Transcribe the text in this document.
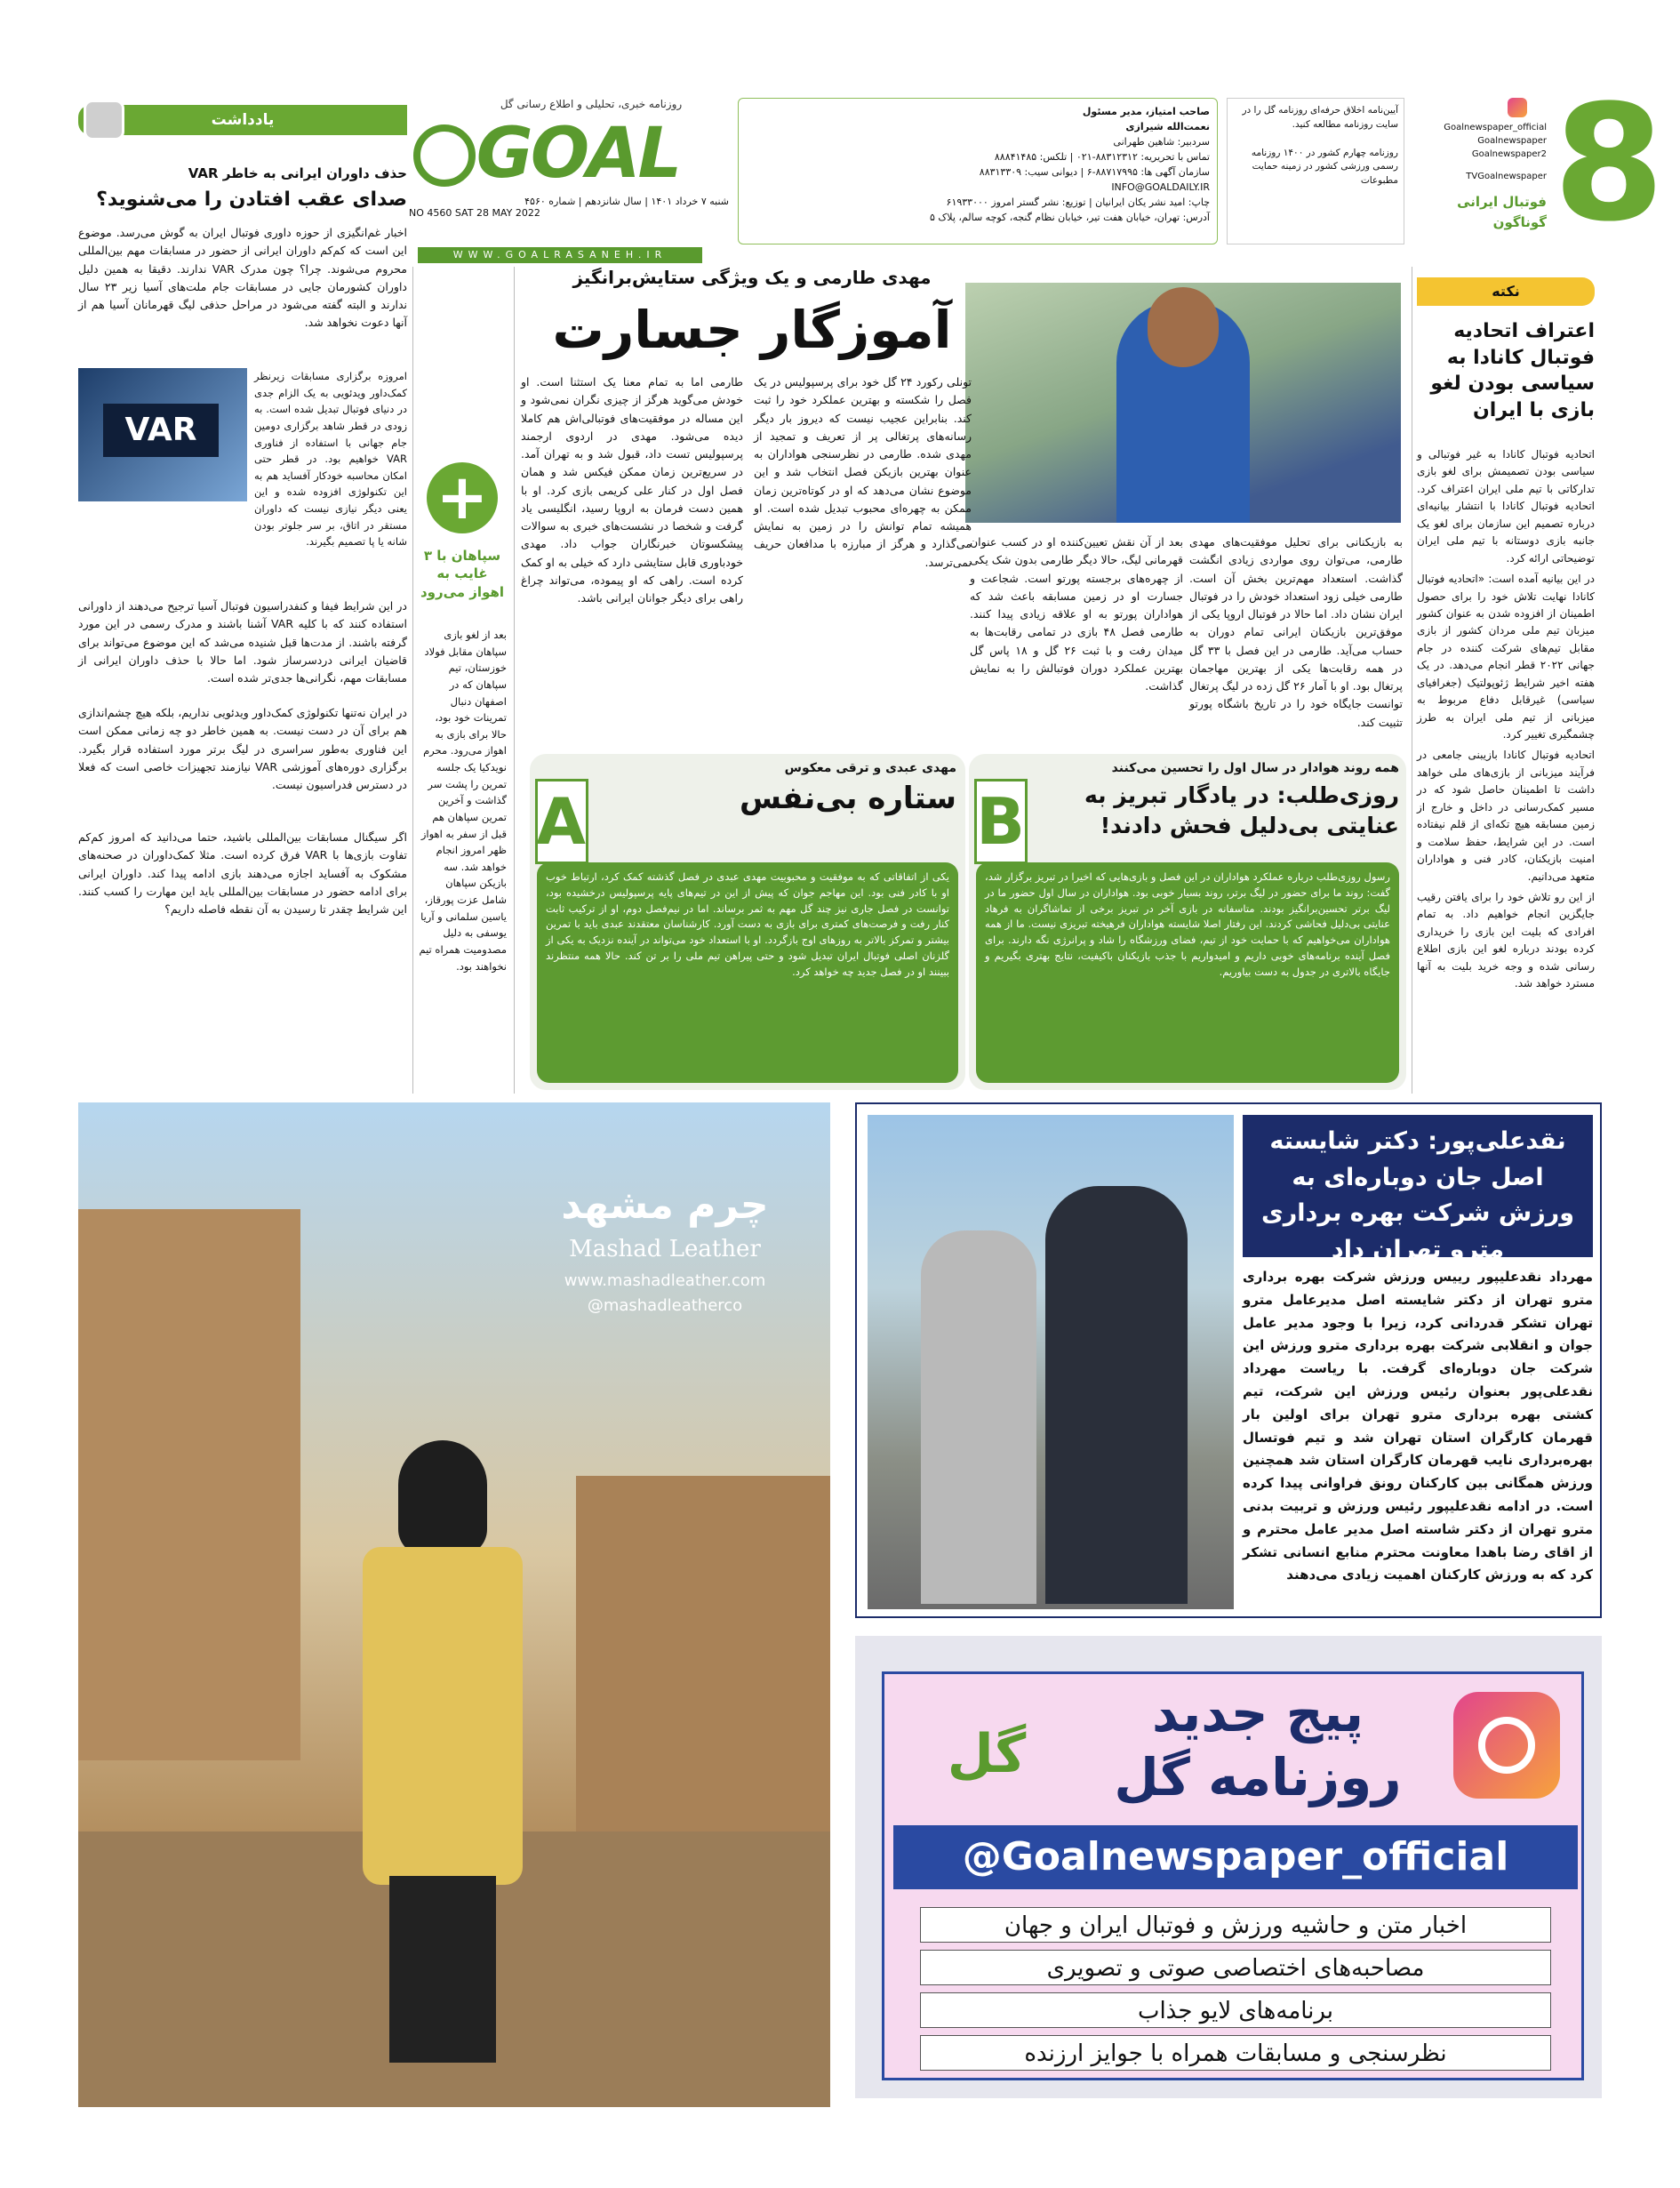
روزنامه خبری، تحلیلی و اطلاع رسانی گل
GOAL
WWW.GOALRASANEH.IR
شنبه ۷ خرداد ۱۴۰۱ | سال شانزدهم | شماره ۴۵۶۰
NO 4560 SAT 28 MAY 2022
صاحب امتیاز، مدیر مسئول
نعمت‌الله شیرازی
سردبیر: شاهین طهرانی
تماس با تحریریه: ۸۸۳۱۲۳۱۲-۰۲۱ | تلکس: ۸۸۸۴۱۴۸۵
سازمان آگهی ها: ۸۸۷۱۷۹۹۵-۶ | دیوانی سیب: ۸۸۳۱۳۳۰۹
INFO@GOALDAILY.IR
چاپ: امید نشر یکان ایرانیان | توزیع: نشر گستر امروز ۶۱۹۳۳۰۰۰
آدرس: تهران، خیابان هفت تیر، خیابان نظام گنجه، کوچه سالم، پلاک ۵
آیین‌نامه اخلاق حرفه‌ای روزنامه گل را در سایت روزنامه مطالعه کنید.
روزنامه چهارم کشور در ۱۴۰۰ روزنامه رسمی ورزشی کشور در زمینه حمایت مطبوعات
Goalnewspaper_official
Goalnewspaper
Goalnewspaper2
TVGoalnewspaper
فوتبال ایرانی
گوناگون 8
یادداشت
حذف داوران ایرانی به خاطر VAR
صدای عقب افتادن را می‌شنوید؟
اخبار غم‌انگیزی از حوزه داوری فوتبال ایران به گوش می‌رسد. موضوع این است که کم‌کم داوران ایرانی از حضور در مسابقات مهم بین‌المللی محروم می‌شوند. چرا؟ چون مدرک VAR ندارند. دقیقا به همین دلیل داوران کشورمان جایی در مسابقات جام ملت‌های آسیا زیر ۲۳ سال ندارند و البته گفته می‌شود در مراحل حذفی لیگ قهرمانان آسیا هم از آنها دعوت نخواهد شد.
VAR
امروزه برگزاری مسابقات زیرنظر کمک‌داور ویدئویی به یک الزام جدی در دنیای فوتبال تبدیل شده است. به زودی در قطر شاهد برگزاری دومین جام جهانی با استفاده از فناوری VAR خواهیم بود. در قطر حتی امکان محاسبه خودکار آفساید هم به این تکنولوژی افزوده شده و این یعنی دیگر نیازی نیست که داوران مستقر در اتاق، بر سر جلوتر بودن شانه یا پا تصمیم بگیرند.
در این شرایط فیفا و کنفدراسیون فوتبال آسیا ترجیح می‌دهند از داورانی استفاده کنند که با کلیه VAR آشنا باشند و مدرک رسمی در این مورد گرفته باشند. از مدت‌ها قبل شنیده می‌شد که این موضوع می‌تواند برای قاضیان ایرانی دردسرساز شود. اما حالا با حذف داوران ایرانی از مسابقات مهم، نگرانی‌ها جدی‌تر شده است.
در ایران نه‌تنها تکنولوژی کمک‌داور ویدئویی نداریم، بلکه هیچ چشم‌اندازی هم برای آن در دست نیست. به همین خاطر دو چه زمانی ممکن است این فناوری به‌طور سراسری در لیگ برتر مورد استفاده قرار بگیرد. برگزاری دوره‌های آموزشی VAR نیازمند تجهیزات خاصی است که فعلا در دسترس فدراسیون نیست.
اگر سیگنال مسابقات بین‌المللی باشید، حتما می‌دانید که امروز کم‌کم تفاوت بازی‌ها با VAR فرق کرده است. مثلا کمک‌داوران در صحنه‌های مشکوک به آفساید اجازه می‌دهند بازی ادامه پیدا کند. داوران ایرانی برای ادامه حضور در مسابقات بین‌المللی باید این مهارت را کسب کنند. این شرایط چقدر تا رسیدن به آن نقطه فاصله داریم؟
+
سپاهان با ۳ غایب به اهواز می‌رود
بعد از لغو بازی سپاهان مقابل فولاد خوزستان، تیم سپاهان که در اصفهان دنبال تمرینات خود بود، حالا برای بازی به اهواز می‌رود. محرم نویدکیا یک جلسه تمرین را پشت سر گذاشت و آخرین تمرین سپاهان هم قبل از سفر به اهواز ظهر امروز انجام خواهد شد. سه بازیکن سپاهان شامل عزت پورقاز، یاسین سلمانی و آریا یوسفی به دلیل مصدومیت همراه تیم نخواهند بود.
مهدی طارمی و یک ویژگی ستایش‌برانگیز
آموزگار جسارت
طارمی اما به تمام معنا یک استثنا است. او خودش می‌گوید هرگز از چیزی نگران نمی‌شود و این مساله در موفقیت‌های فوتبالی‌اش هم کاملا دیده می‌شود. مهدی در اردوی ارجمند پرسپولیس تست داد، قبول شد و به تهران آمد. در سریع‌ترین زمان ممکن فیکس شد و همان فصل اول در کنار علی کریمی بازی کرد. او با همین دست فرمان به اروپا رسید، انگلیسی یاد گرفت و شخصا در نشست‌های خبری به سوالات پیشکسوتان خبرنگاران جواب داد. مهدی خودباوری قابل ستایشی دارد که خیلی به او کمک کرده است. راهی که او پیموده، می‌تواند چراغ راهی برای دیگر جوانان ایرانی باشد.
تونلی رکورد ۲۴ گل خود برای پرسپولیس در یک فصل را شکسته و بهترین عملکرد خود را ثبت کند. بنابراین عجیب نیست که دیروز بار دیگر رسانه‌های پرتغالی پر از تعریف و تمجید از مهدی شده. طارمی در نظرسنجی هواداران به عنوان بهترین بازیکن فصل انتخاب شد و این موضوع نشان می‌دهد که او در کوتاه‌ترین زمان ممکن به چهره‌ای محبوب تبدیل شده است. او همیشه تمام توانش را در زمین به نمایش می‌گذارد و هرگز از مبارزه با مدافعان حریف نمی‌ترسد.
به بازیکنانی برای تحلیل موفقیت‌های مهدی طارمی، می‌توان روی مواردی زیادی انگشت گذاشت. استعداد مهم‌ترین بخش آن است. طارمی خیلی زود استعداد خودش را در فوتبال ایران نشان داد. اما حالا در فوتبال اروپا یکی از موفق‌ترین بازیکنان ایرانی تمام دوران به حساب می‌آید. طارمی در این فصل با ۳۳ گل در همه رقابت‌ها یکی از بهترین مهاجمان پرتغال بود. او با آمار ۲۶ گل زده در لیگ پرتغال توانست جایگاه خود را در تاریخ باشگاه پورتو تثبیت کند.
بعد از آن نقش تعیین‌کننده او در کسب عنوان قهرمانی لیگ، حالا دیگر طارمی بدون شک یکی از چهره‌های برجسته پورتو است. شجاعت و جسارت او در زمین مسابقه باعث شد که هواداران پورتو به او علاقه زیادی پیدا کنند. طارمی فصل ۴۸ بازی در تمامی رقابت‌ها به میدان رفت و با ثبت ۲۶ گل و ۱۸ پاس گل بهترین عملکرد دوران فوتبالش را به نمایش گذاشت.
A
مهدی عبدی و ترقی معکوس
ستاره بی‌نفس
یکی از اتفاقاتی که به موفقیت و محبوبیت مهدی عبدی در فصل گذشته کمک کرد، ارتباط خوب او با کادر فنی بود. این مهاجم جوان که پیش از این در تیم‌های پایه پرسپولیس درخشیده بود، توانست در فصل جاری نیز چند گل مهم به ثمر برساند. اما در نیم‌فصل دوم، او از ترکیب ثابت کنار رفت و فرصت‌های کمتری برای بازی به دست آورد. کارشناسان معتقدند عبدی باید با تمرین بیشتر و تمرکز بالاتر به روزهای اوج بازگردد. او با استعداد خود می‌تواند در آینده نزدیک به یکی از گلزنان اصلی فوتبال ایران تبدیل شود و حتی پیراهن تیم ملی را بر تن کند. حالا همه منتظرند ببینند او در فصل جدید چه خواهد کرد.
B
همه روند هوادار در سال اول را تحسین می‌کنند
روزی‌طلب: در یادگار تبریز به عنایتی بی‌دلیل فحش دادند!
رسول روزی‌طلب درباره عملکرد هواداران در این فصل و بازی‌هایی که اخیرا در تبریز برگزار شد، گفت: روند ما برای حضور در لیگ برتر، روند بسیار خوبی بود. هواداران در سال اول حضور ما در لیگ برتر تحسین‌برانگیز بودند. متاسفانه در بازی آخر در تبریز برخی از تماشاگران به فرهاد عنایتی بی‌دلیل فحاشی کردند. این رفتار اصلا شایسته هواداران فرهیخته تبریزی نیست. ما از همه هواداران می‌خواهیم که با حمایت خود از تیم، فضای ورزشگاه را شاد و پرانرژی نگه دارند. برای فصل آینده برنامه‌های خوبی داریم و امیدواریم با جذب بازیکنان باکیفیت، نتایج بهتری بگیریم و جایگاه بالاتری در جدول به دست بیاوریم.
نکته
اعتراف اتحادیه فوتبال کانادا به سیاسی بودن لغو بازی با ایران

اتحادیه فوتبال کانادا به غیر فوتبالی و سیاسی بودن تصمیمش برای لغو بازی تدارکاتی با تیم ملی ایران اعتراف کرد. اتحادیه فوتبال کانادا با انتشار بیانیه‌ای درباره تصمیم این سازمان برای لغو یک جانبه بازی دوستانه با تیم ملی ایران توضیحاتی ارائه کرد.

در این بیانیه آمده است: «اتحادیه فوتبال کانادا نهایت تلاش خود را برای حصول اطمینان از افزوده شدن به عنوان کشور میزبان تیم ملی مردان کشور از بازی مقابل تیم‌های شرکت کننده در جام جهانی ۲۰۲۲ قطر انجام می‌دهد. در یک هفته اخیر شرایط ژئوپولتیک (جغرافیای سیاسی) غیرقابل دفاع مربوط به میزبانی از تیم ملی ایران به طرز چشمگیری تغییر کرد.

اتحادیه فوتبال کانادا بازیبنی جامعی در فرآیند میزبانی از بازی‌های ملی خواهد داشت تا اطمینان حاصل شود که در مسیر کمک‌رسانی در داخل و خارج از زمین مسابقه هیچ تکه‌ای از قلم نیفتاده است. در این شرایط، حفظ سلامت و امنیت بازیکنان، کادر فنی و هواداران متعهد می‌دانیم.

از این رو تلاش خود را برای یافتن رقیب جایگزین انجام خواهیم داد. به تمام افرادی که بلیت این بازی را خریداری کرده بودند درباره لغو این بازی اطلاع رسانی شده و وجه خرید بلیت به آنها مسترد خواهد شد.

چرم مشهد
Mashad Leather
www.mashadleather.com
@mashadleatherco
نقدعلی‌پور: دکتر شایسته اصل جان دوباره‌ای به ورزش شرکت بهره برداری مترو تهران داد
مهرداد نقدعلیپور رییس ورزش شرکت بهره برداری مترو تهران از دکتر شایسته اصل مدیرعامل مترو تهران تشکر قدردانی کرد، زیرا با وجود مدیر عامل جوان و انقلابی شرکت بهره برداری مترو ورزش این شرکت جان دوباره‌ای گرفت. با ریاست مهرداد نقدعلی‌پور بعنوان رئیس ورزش این شرکت، تیم کشتی بهره برداری مترو تهران برای اولین بار قهرمان کارگران استان تهران شد و تیم فوتسال بهره‌برداری نایب قهرمان کارگران استان شد همچنین ورزش همگانی بین کارکنان رونق فراوانی پیدا کرده است. در ادامه نقدعلیپور رئیس ورزش و تربیت بدنی مترو تهران از دکتر شاسته اصل مدیر عامل محترم و از اقای رضا باهدا معاونت محترم منابع انسانی تشکر کرد که به ورزش کارکنان اهمیت زیادی می‌دهند
گل
پیج جدید
روزنامه گل
@Goalnewspaper_official
اخبار متن و حاشیه ورزش و فوتبال ایران و جهان
مصاحبه‌های اختصاصی صوتی و تصویری
برنامه‌های لایو جذاب
نظرسنجی و مسابقات همراه با جوایز ارزنده
